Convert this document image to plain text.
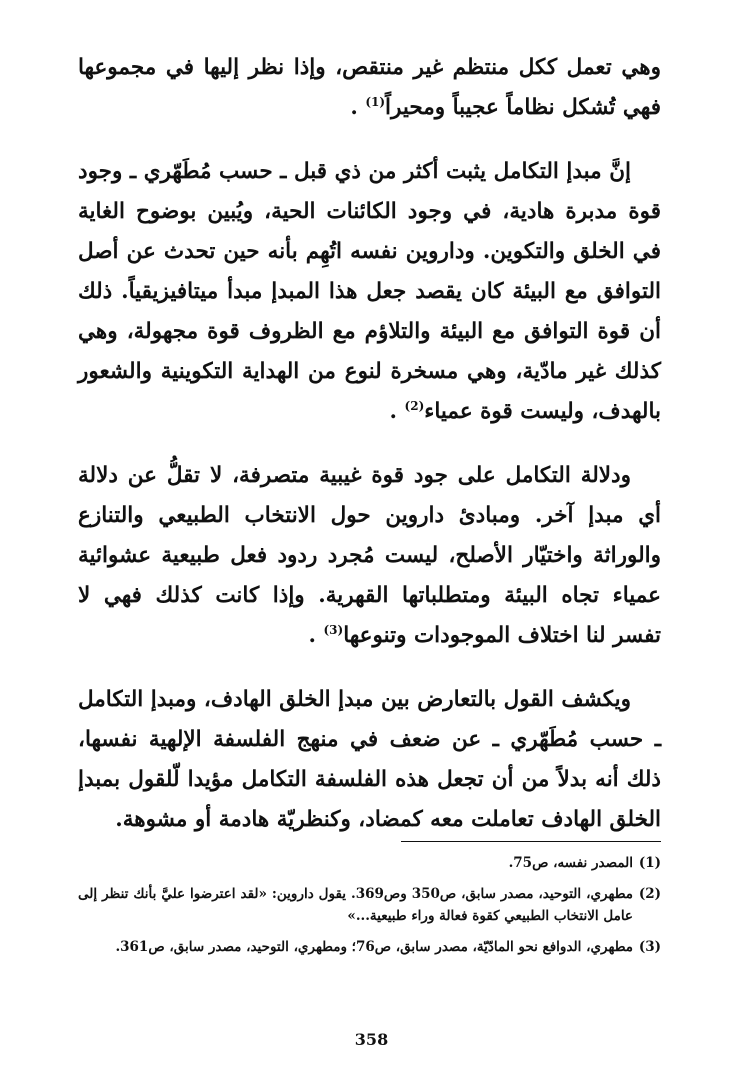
وهي تعمل ككل منتظم غير منتقص، وإذا نظر إليها في مجموعها فهي تُشكل نظاماً عجيباً ومحيراً$^{(1)}$ .

إنَّ مبدإ التكامل يثبت أكثر من ذي قبل ـ حسب مُطَهّري ـ وجود قوة مدبرة هادية، في وجود الكائنات الحية، ويُبين بوضوح الغاية في الخلق والتكوين. وداروين نفسه اتُهِم بأنه حين تحدث عن أصل التوافق مع البيئة كان يقصد جعل هذا المبدإ مبدأ ميتافيزيقياً. ذلك أن قوة التوافق مع البيئة والتلاؤم مع الظروف قوة مجهولة، وهي كذلك غير مادّية، وهي مسخرة لنوع من الهداية التكوينية والشعور بالهدف، وليست قوة عمياء$^{(2)}$ .

ودلالة التكامل على جود قوة غيبية متصرفة، لا تقلُّ عن دلالة أي مبدإ آخر. ومبادئ داروين حول الانتخاب الطبيعي والتنازع والوراثة واختيّار الأصلح، ليست مُجرد ردود فعل طبيعية عشوائية عمياء تجاه البيئة ومتطلباتها القهرية. وإذا كانت كذلك فهي لا تفسر لنا اختلاف الموجودات وتنوعها$^{(3)}$ .

ويكشف القول بالتعارض بين مبدإ الخلق الهادف، ومبدإ التكامل ـ حسب مُطَهّري ـ عن ضعف في منهج الفلسفة الإلهية نفسها، ذلك أنه بدلاً من أن تجعل هذه الفلسفة التكامل مؤيدا لّلقول بمبدإ الخلق الهادف تعاملت معه كمضاد، وكنظريّة هادمة أو مشوهة.

(1)
المصدر نفسه، ص75.
(2)
مطهري، التوحيد، مصدر سابق، ص350 وص369. يقول داروين: «لقد اعترضوا عليَّ بأنك تنظر إلى عامل الانتخاب الطبيعي كقوة فعالة وراء طبيعية...»
(3)
مطهري، الدوافع نحو المادّيّة، مصدر سابق، ص76؛ ومطهري، التوحيد، مصدر سابق، ص361.
358
